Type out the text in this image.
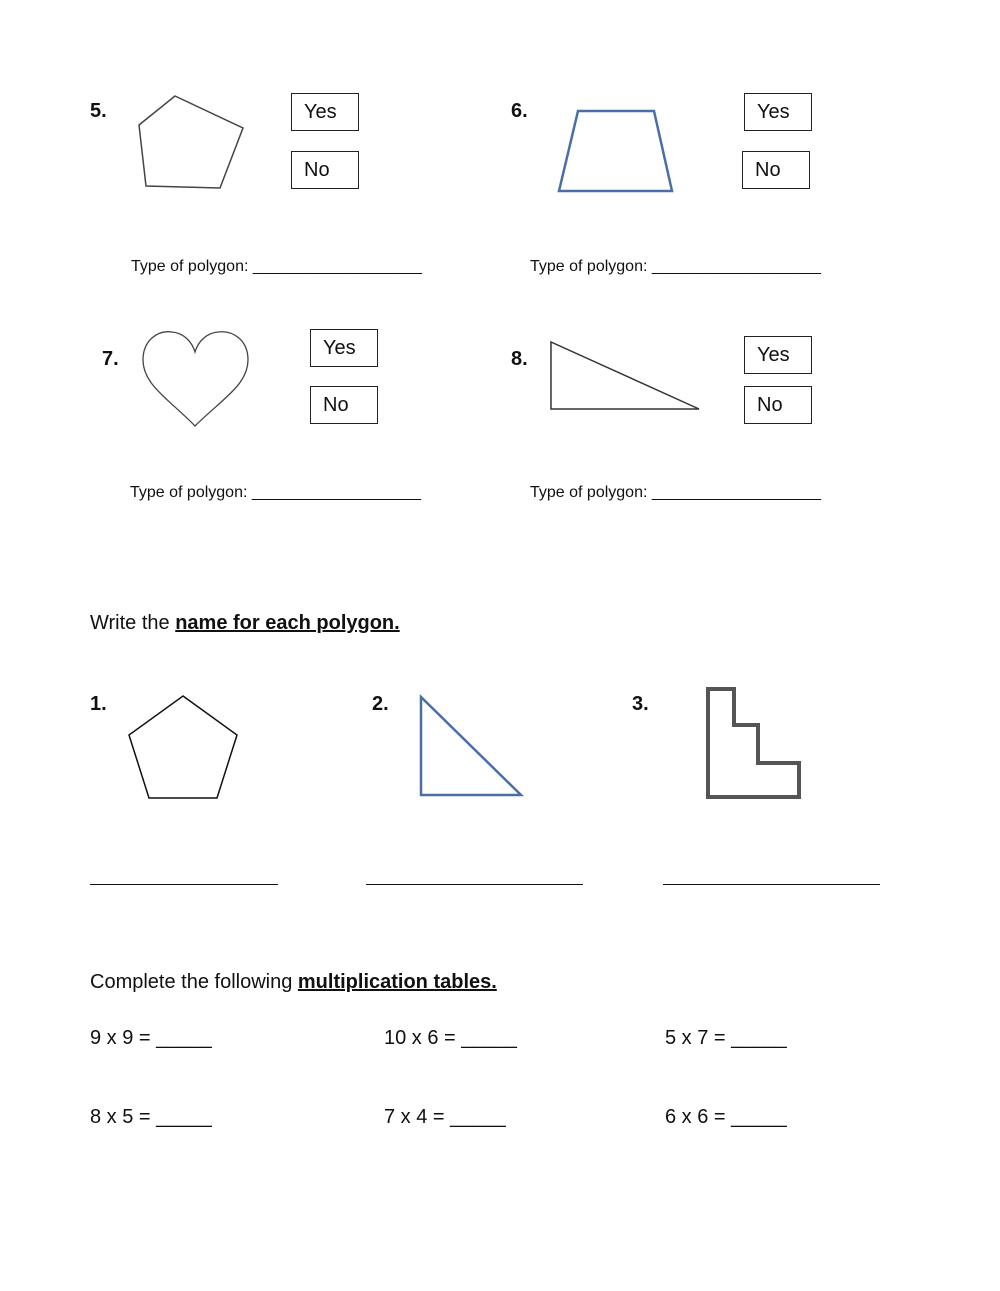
5.	Yes
No
Type of polygon: ___________________
6.	Yes
No
Type of polygon: ___________________
7.
Yes
No
Type of polygon: ___________________
8.	Yes
No
Type of polygon: ___________________
Write the name for each polygon.
1.	2.	3.
Complete the following multiplication tables.
9 x 9 = _____	10 x 6 = _____	5 x 7 = _____
8 x 5 = _____	7 x 4 = _____	6 x 6 = _____
